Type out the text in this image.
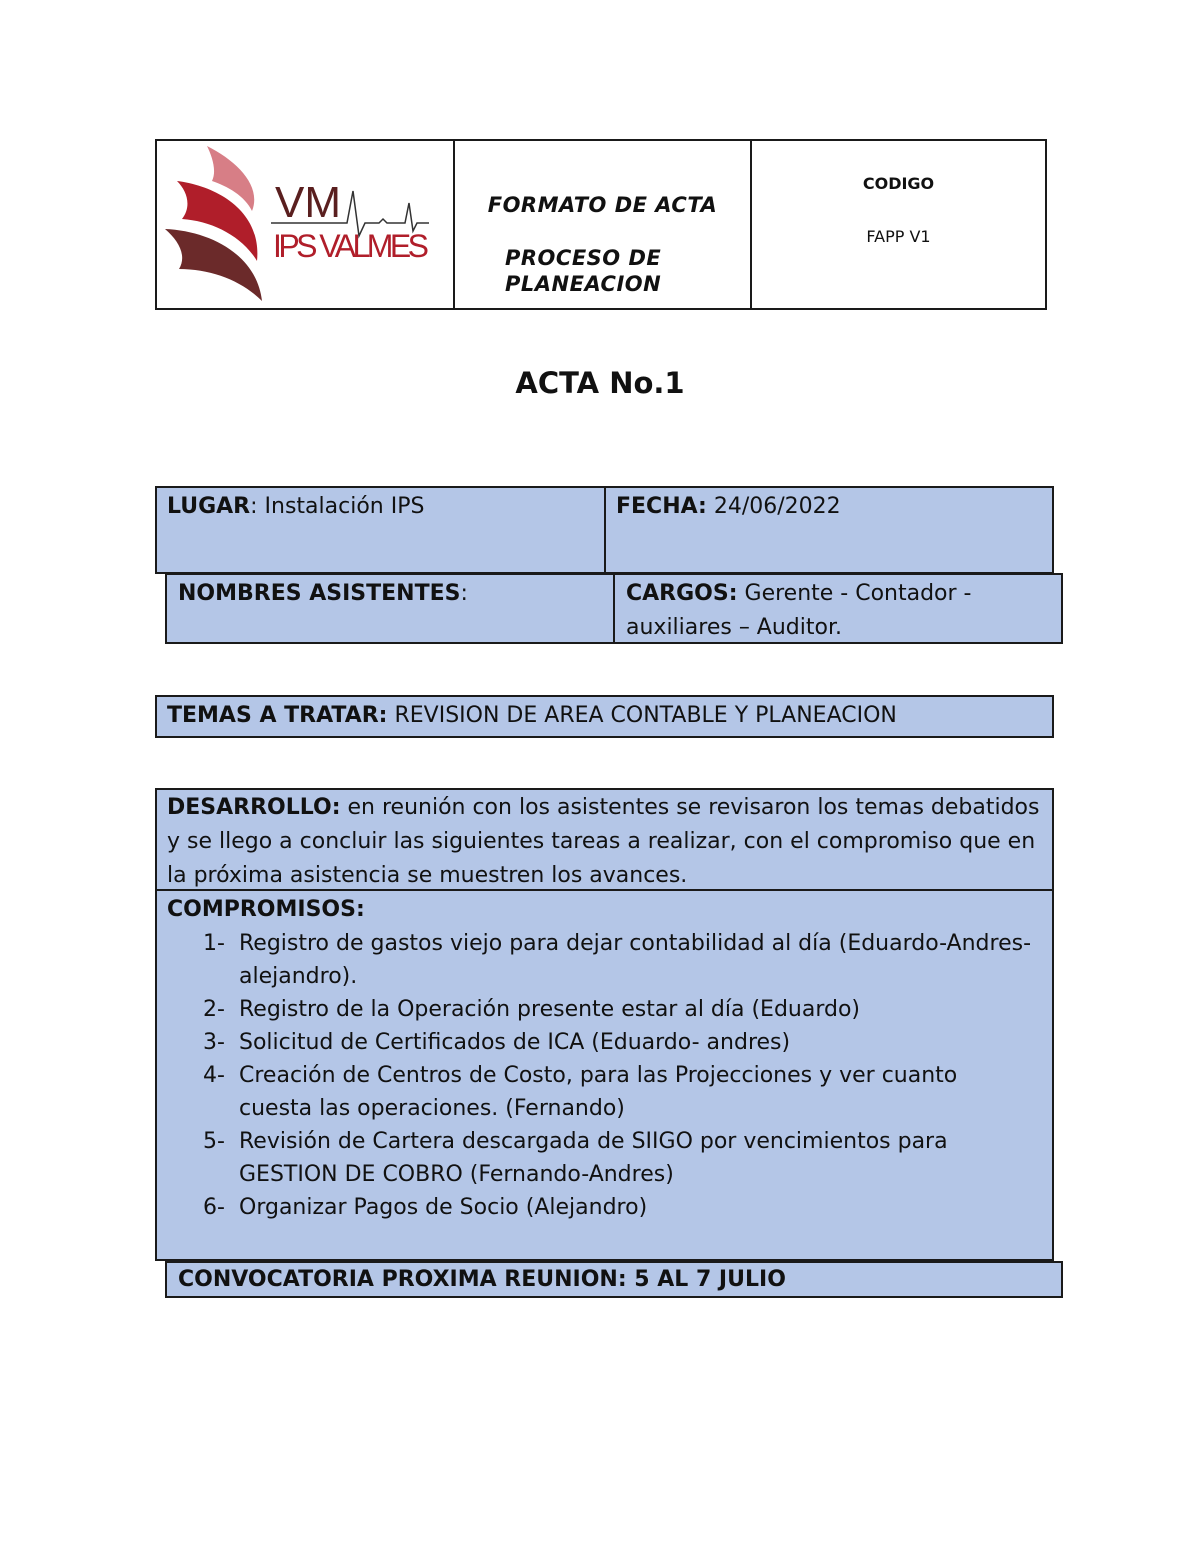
VM
IPS VALMES
FORMATO DE ACTA
PROCESO DE PLANEACION
CODIGO
FAPP V1
ACTA No.1
LUGAR: Instalación IPS	FECHA: 24/06/2022
NOMBRES ASISTENTES:	CARGOS: Gerente - Contador -auxiliares – Auditor.
TEMAS A TRATAR: REVISION DE AREA CONTABLE Y PLANEACION
DESARROLLO: en reunión con los asistentes se revisaron los temas debatidos y se llego a concluir las siguientes tareas a realizar, con el compromiso que en la próxima asistencia se muestren los avances.
COMPROMISOS:
1- Registro de gastos viejo para dejar contabilidad al día (Eduardo-Andres-alejandro).
2- Registro de la Operación presente estar al día (Eduardo)
3- Solicitud de Certificados de ICA (Eduardo- andres)
4- Creación de Centros de Costo, para las Projecciones y ver cuanto cuesta las operaciones. (Fernando)
5- Revisión de Cartera descargada de SIIGO por vencimientos para GESTION DE COBRO (Fernando-Andres)
6- Organizar Pagos de Socio (Alejandro)
CONVOCATORIA PROXIMA REUNION: 5 AL 7 JULIO
